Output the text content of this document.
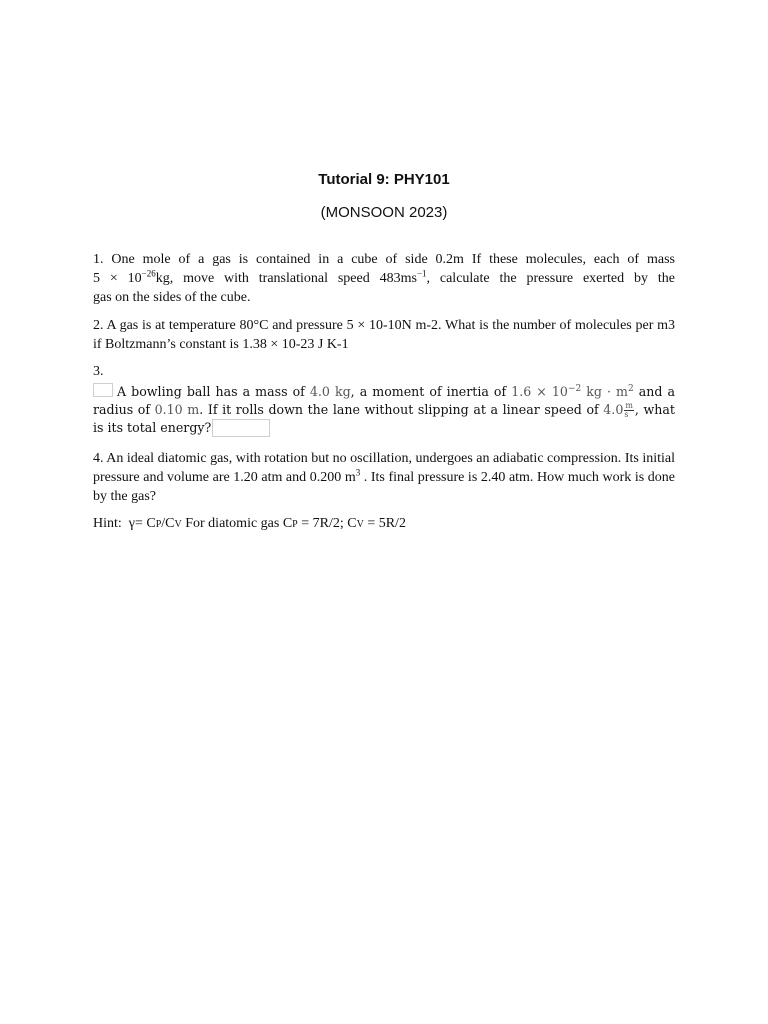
Tutorial 9: PHY101
(MONSOON 2023)
1. One mole of a gas is contained in a cube of side 0.2m If these molecules, each of mass
$5 \times 10^{-26}kg$, move with translational speed $483ms^{-1}$, calculate the pressure exerted by the
gas on the sides of the cube.
2. A gas is at temperature 80°C and pressure 5 × 10-10N m-2. What is the number of molecules per m3 if Boltzmann’s constant is 1.38 × 10-23 J K-1
3.
A bowling ball has a mass of 4.0 kg, a moment of inertia of $1.6 \times 10^{-2}$ kg · $m^2$ and a radius of 0.10 m. If it rolls down the lane without slipping at a linear speed of $4.0 \frac{m}{s}$ , what is its total energy?
4. An ideal diatomic gas, with rotation but no oscillation, undergoes an adiabatic compression. Its initial pressure and volume are 1.20 atm and 0.200 $m^3$ . Its final pressure is 2.40 atm. How much work is done by the gas?
Hint: γ= CP/CV For diatomic gas CP = 7R/2; CV = 5R/2
